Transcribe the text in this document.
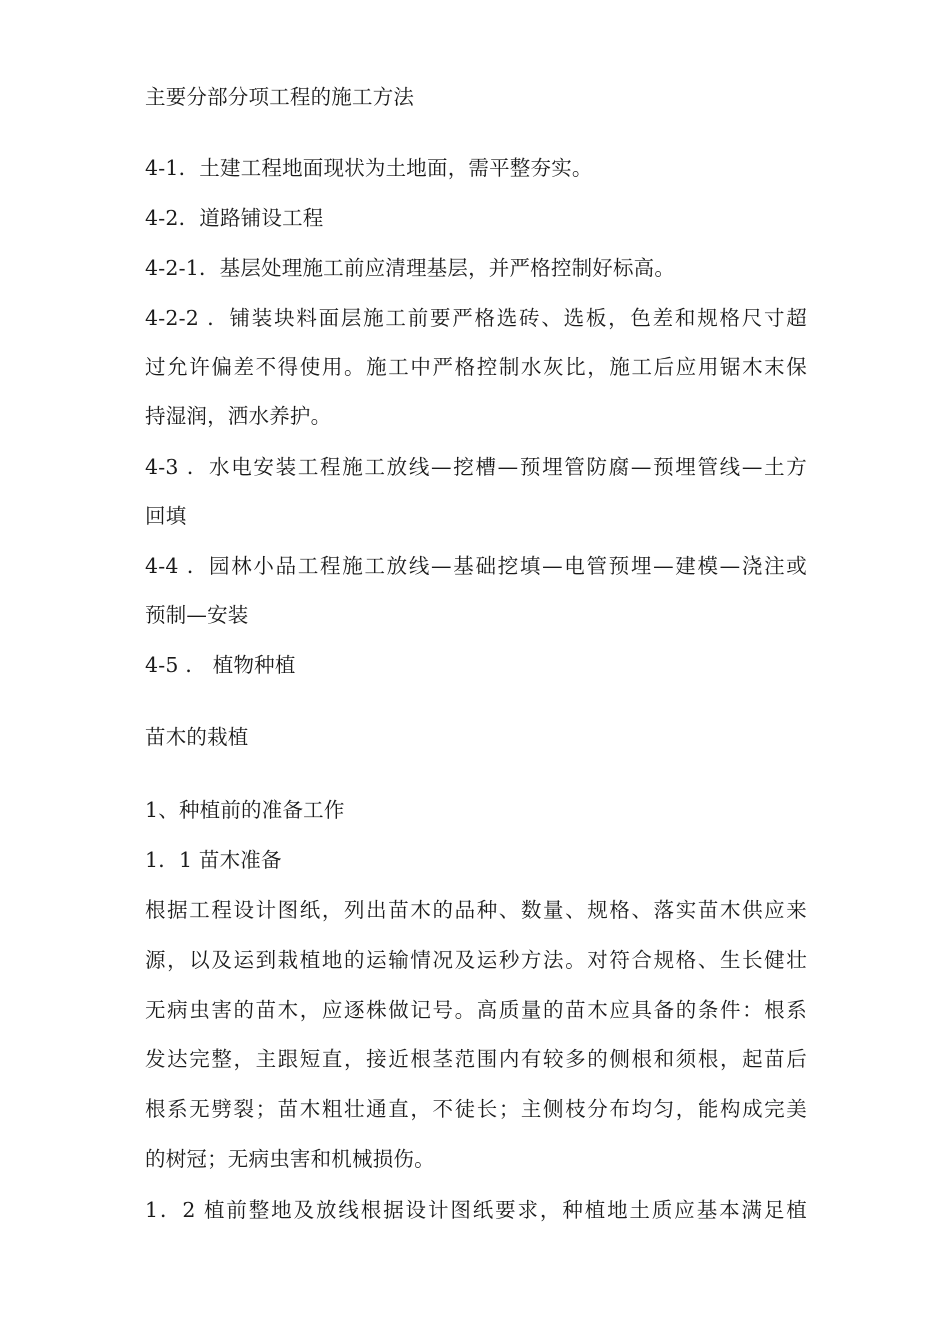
主要分部分项工程的施工方法
4-1．土建工程地面现状为土地面，需平整夯实。
4-2．道路铺设工程
4-2-1．基层处理施工前应清理基层，并严格控制好标高。
4-2-2 ．铺装块料面层施工前要严格选砖、选板，色差和规格尺寸超
过允许偏差不得使用。施工中严格控制水灰比，施工后应用锯木末保
持湿润，洒水养护。
4-3 ．水电安装工程施工放线—挖槽—预埋管防腐—预埋管线—土方
回填
4-4 ．园林小品工程施工放线—基础挖填—电管预埋—建模—浇注或
预制—安装
4-5 ． 植物种植
苗木的栽植
1、种植前的准备工作
1．1 苗木准备
根据工程设计图纸，列出苗木的品种、数量、规格、落实苗木供应来
源，以及运到栽植地的运输情况及运秒方法。对符合规格、生长健壮
无病虫害的苗木，应逐株做记号。高质量的苗木应具备的条件：根系
发达完整，主跟短直，接近根茎范围内有较多的侧根和须根，起苗后
根系无劈裂；苗木粗壮通直，不徒长；主侧枝分布均匀，能构成完美
的树冠；无病虫害和机械损伤。
1．2 植前整地及放线根据设计图纸要求，种植地土质应基本满足植
